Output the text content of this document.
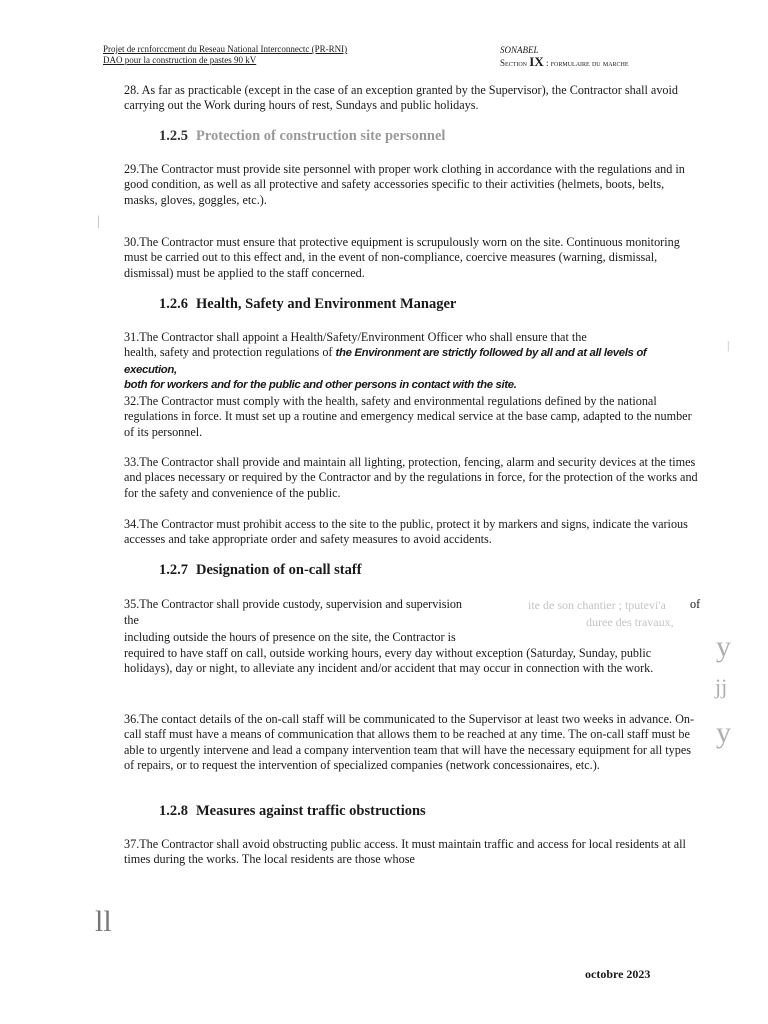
Projet de rcnforccment du Reseau National Interconnectc (PR-RNI)
DAO pour la construction de pastes 90 kV
SONABEL
Section IX : formulaire du marche
28. As far as practicable (except in the case of an exception granted by the Supervisor), the Contractor shall avoid carrying out the Work during hours of rest, Sundays and public holidays.
1.2.5 Protection of construction site personnel
29.The Contractor must provide site personnel with proper work clothing in accordance with the regulations and in good condition, as well as all protective and safety accessories specific to their activities (helmets, boots, belts, masks, gloves, goggles, etc.).
|
30.The Contractor must ensure that protective equipment is scrupulously worn on the site. Continuous monitoring must be carried out to this effect and, in the event of non-compliance, coercive measures (warning, dismissal, dismissal) must be applied to the staff concerned.
1.2.6 Health, Safety and Environment Manager
31.The Contractor shall appoint a Health/Safety/Environment Officer who shall ensure that the
health, safety and protection regulations of the Environment are strictly followed by all and at all levels of execution,
both for workers and for the public and other persons in contact with the site.
|
32.The Contractor must comply with the health, safety and environmental regulations defined by the national regulations in force. It must set up a routine and emergency medical service at the base camp, adapted to the number of its personnel.
33.The Contractor shall provide and maintain all lighting, protection, fencing, alarm and security devices at the times and places necessary or required by the Contractor and by the regulations in force, for the protection of the works and for the safety and convenience of the public.
34.The Contractor must prohibit access to the site to the public, protect it by markers and signs, indicate the various accesses and take appropriate order and safety measures to avoid accidents.
1.2.7 Designation of on-call staff
35.The Contractor shall provide custody, supervision and supervision	ite de son chantier ; tputevi'a of
the	duree des travaux,
including outside the hours of presence on the site, the Contractor is
required to have staff on call, outside working hours, every day without exception (Saturday, Sunday, public holidays), day or night, to alleviate any incident and/or accident that may occur in connection with the work.
y
jj
y
36.The contact details of the on-call staff will be communicated to the Supervisor at least two weeks in advance. On-call staff must have a means of communication that allows them to be reached at any time. The on-call staff must be able to urgently intervene and lead a company intervention team that will have the necessary equipment for all types of repairs, or to request the intervention of specialized companies (network concessionaires, etc.).
1.2.8 Measures against traffic obstructions
37.The Contractor shall avoid obstructing public access. It must maintain traffic and access for local residents at all times during the works. The local residents are those whose
ll
octobre 2023
